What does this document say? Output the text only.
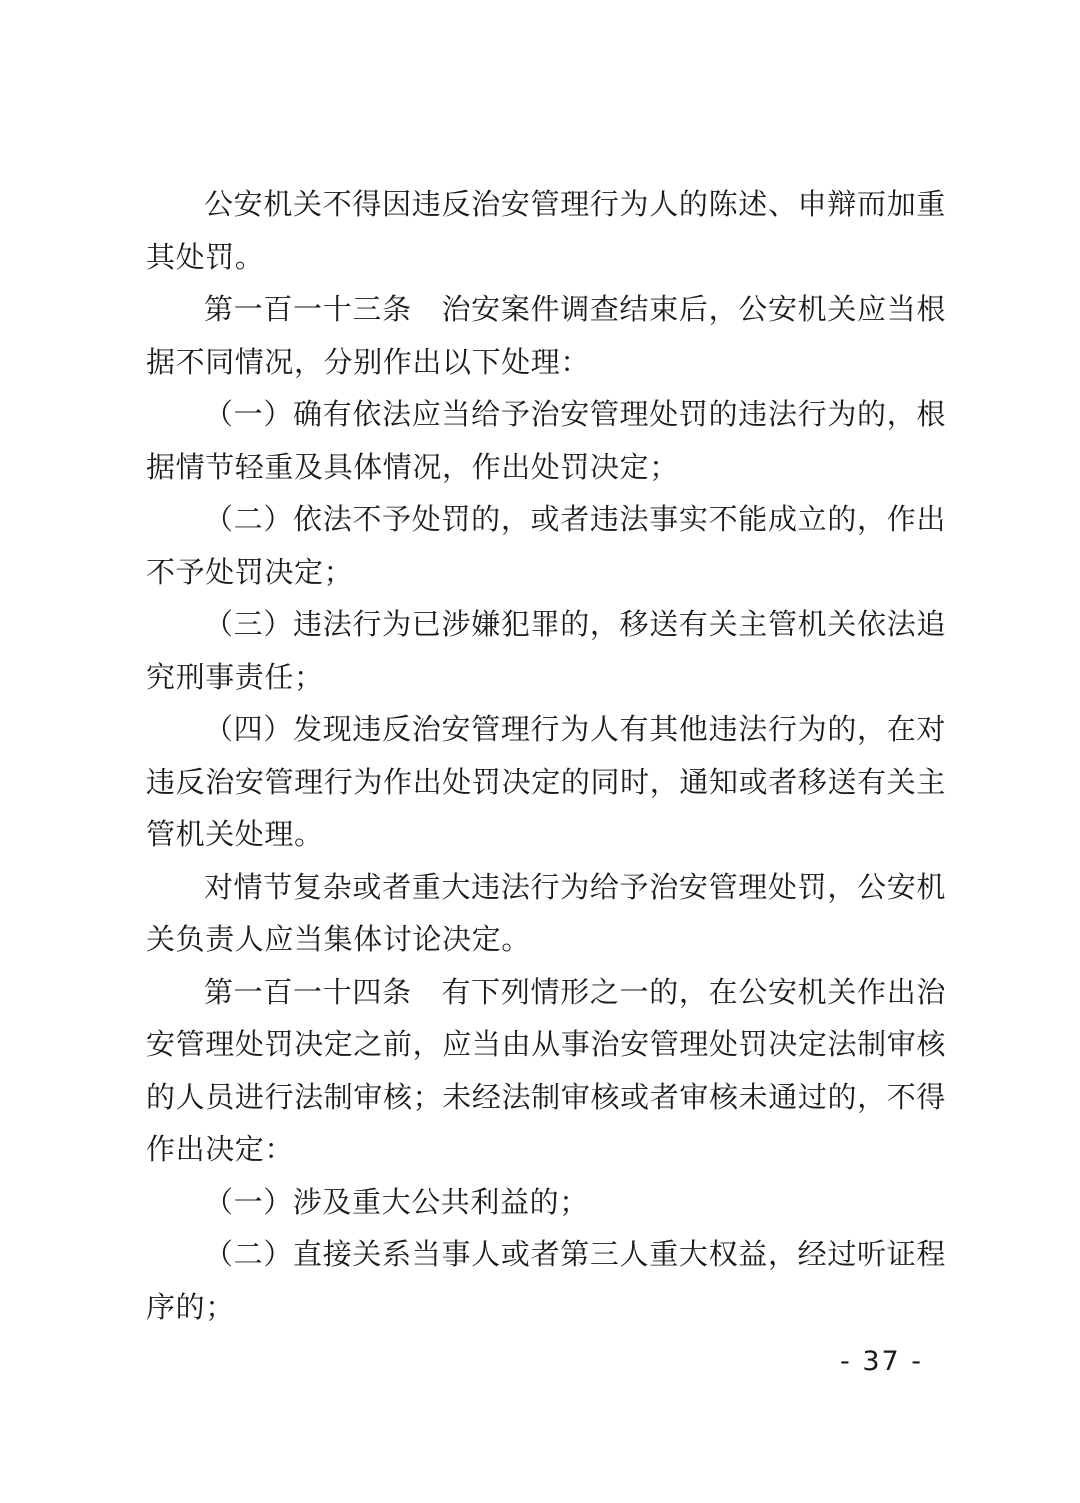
公安机关不得因违反治安管理行为人的陈述、申辩而加重其处罚。

第一百一十三条　治安案件调查结束后，公安机关应当根据不同情况，分别作出以下处理：

（一）确有依法应当给予治安管理处罚的违法行为的，根据情节轻重及具体情况，作出处罚决定；

（二）依法不予处罚的，或者违法事实不能成立的，作出不予处罚决定；

（三）违法行为已涉嫌犯罪的，移送有关主管机关依法追究刑事责任；

（四）发现违反治安管理行为人有其他违法行为的，在对违反治安管理行为作出处罚决定的同时，通知或者移送有关主管机关处理。

对情节复杂或者重大违法行为给予治安管理处罚，公安机关负责人应当集体讨论决定。

第一百一十四条　有下列情形之一的，在公安机关作出治安管理处罚决定之前，应当由从事治安管理处罚决定法制审核的人员进行法制审核；未经法制审核或者审核未通过的，不得作出决定：

（一）涉及重大公共利益的；

（二）直接关系当事人或者第三人重大权益，经过听证程序的；

- 37 -
